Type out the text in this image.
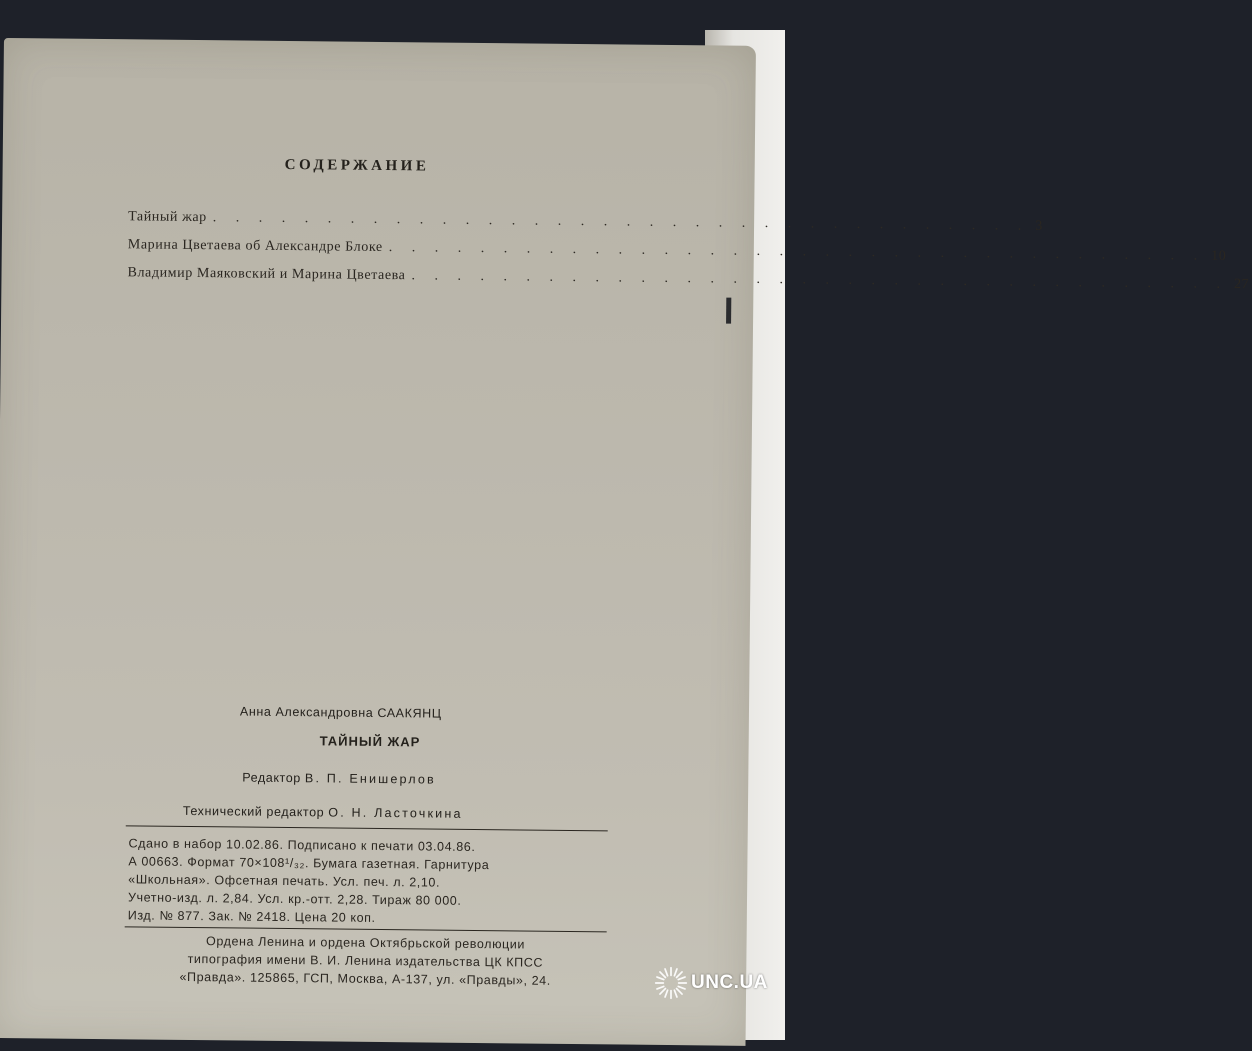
СОДЕРЖАНИЕ
Тайный жар . . . . . . . . . . . . . . . . . . . . . . . . . . . . . . . . . . . . 3
Марина Цветаева об Александре Блоке . . . . . . . . . . . . . . . . . . . . . . . . . . . . . . . . . . . . 10
Владимир Маяковский и Марина Цветаева . . . . . . . . . . . . . . . . . . . . . . . . . . . . . . . . . . . . 27
Анна Александровна СААКЯНЦ
ТАЙНЫЙ ЖАР
Редактор В. П. Енишерлов
Технический редактор О. Н. Ласточкина
Сдано в набор 10.02.86. Подписано к печати 03.04.86.
А 00663. Формат 70×108¹/₃₂. Бумага газетная. Гарнитура
«Школьная». Офсетная печать. Усл. печ. л. 2,10.
Учетно-изд. л. 2,84. Усл. кр.-отт. 2,28. Тираж 80 000.
Изд. № 877. Зак. № 2418. Цена 20 коп.
Ордена Ленина и ордена Октябрьской революции
типография имени В. И. Ленина издательства ЦК КПСС
«Правда». 125865, ГСП, Москва, А-137, ул. «Правды», 24.	UNC.UA
